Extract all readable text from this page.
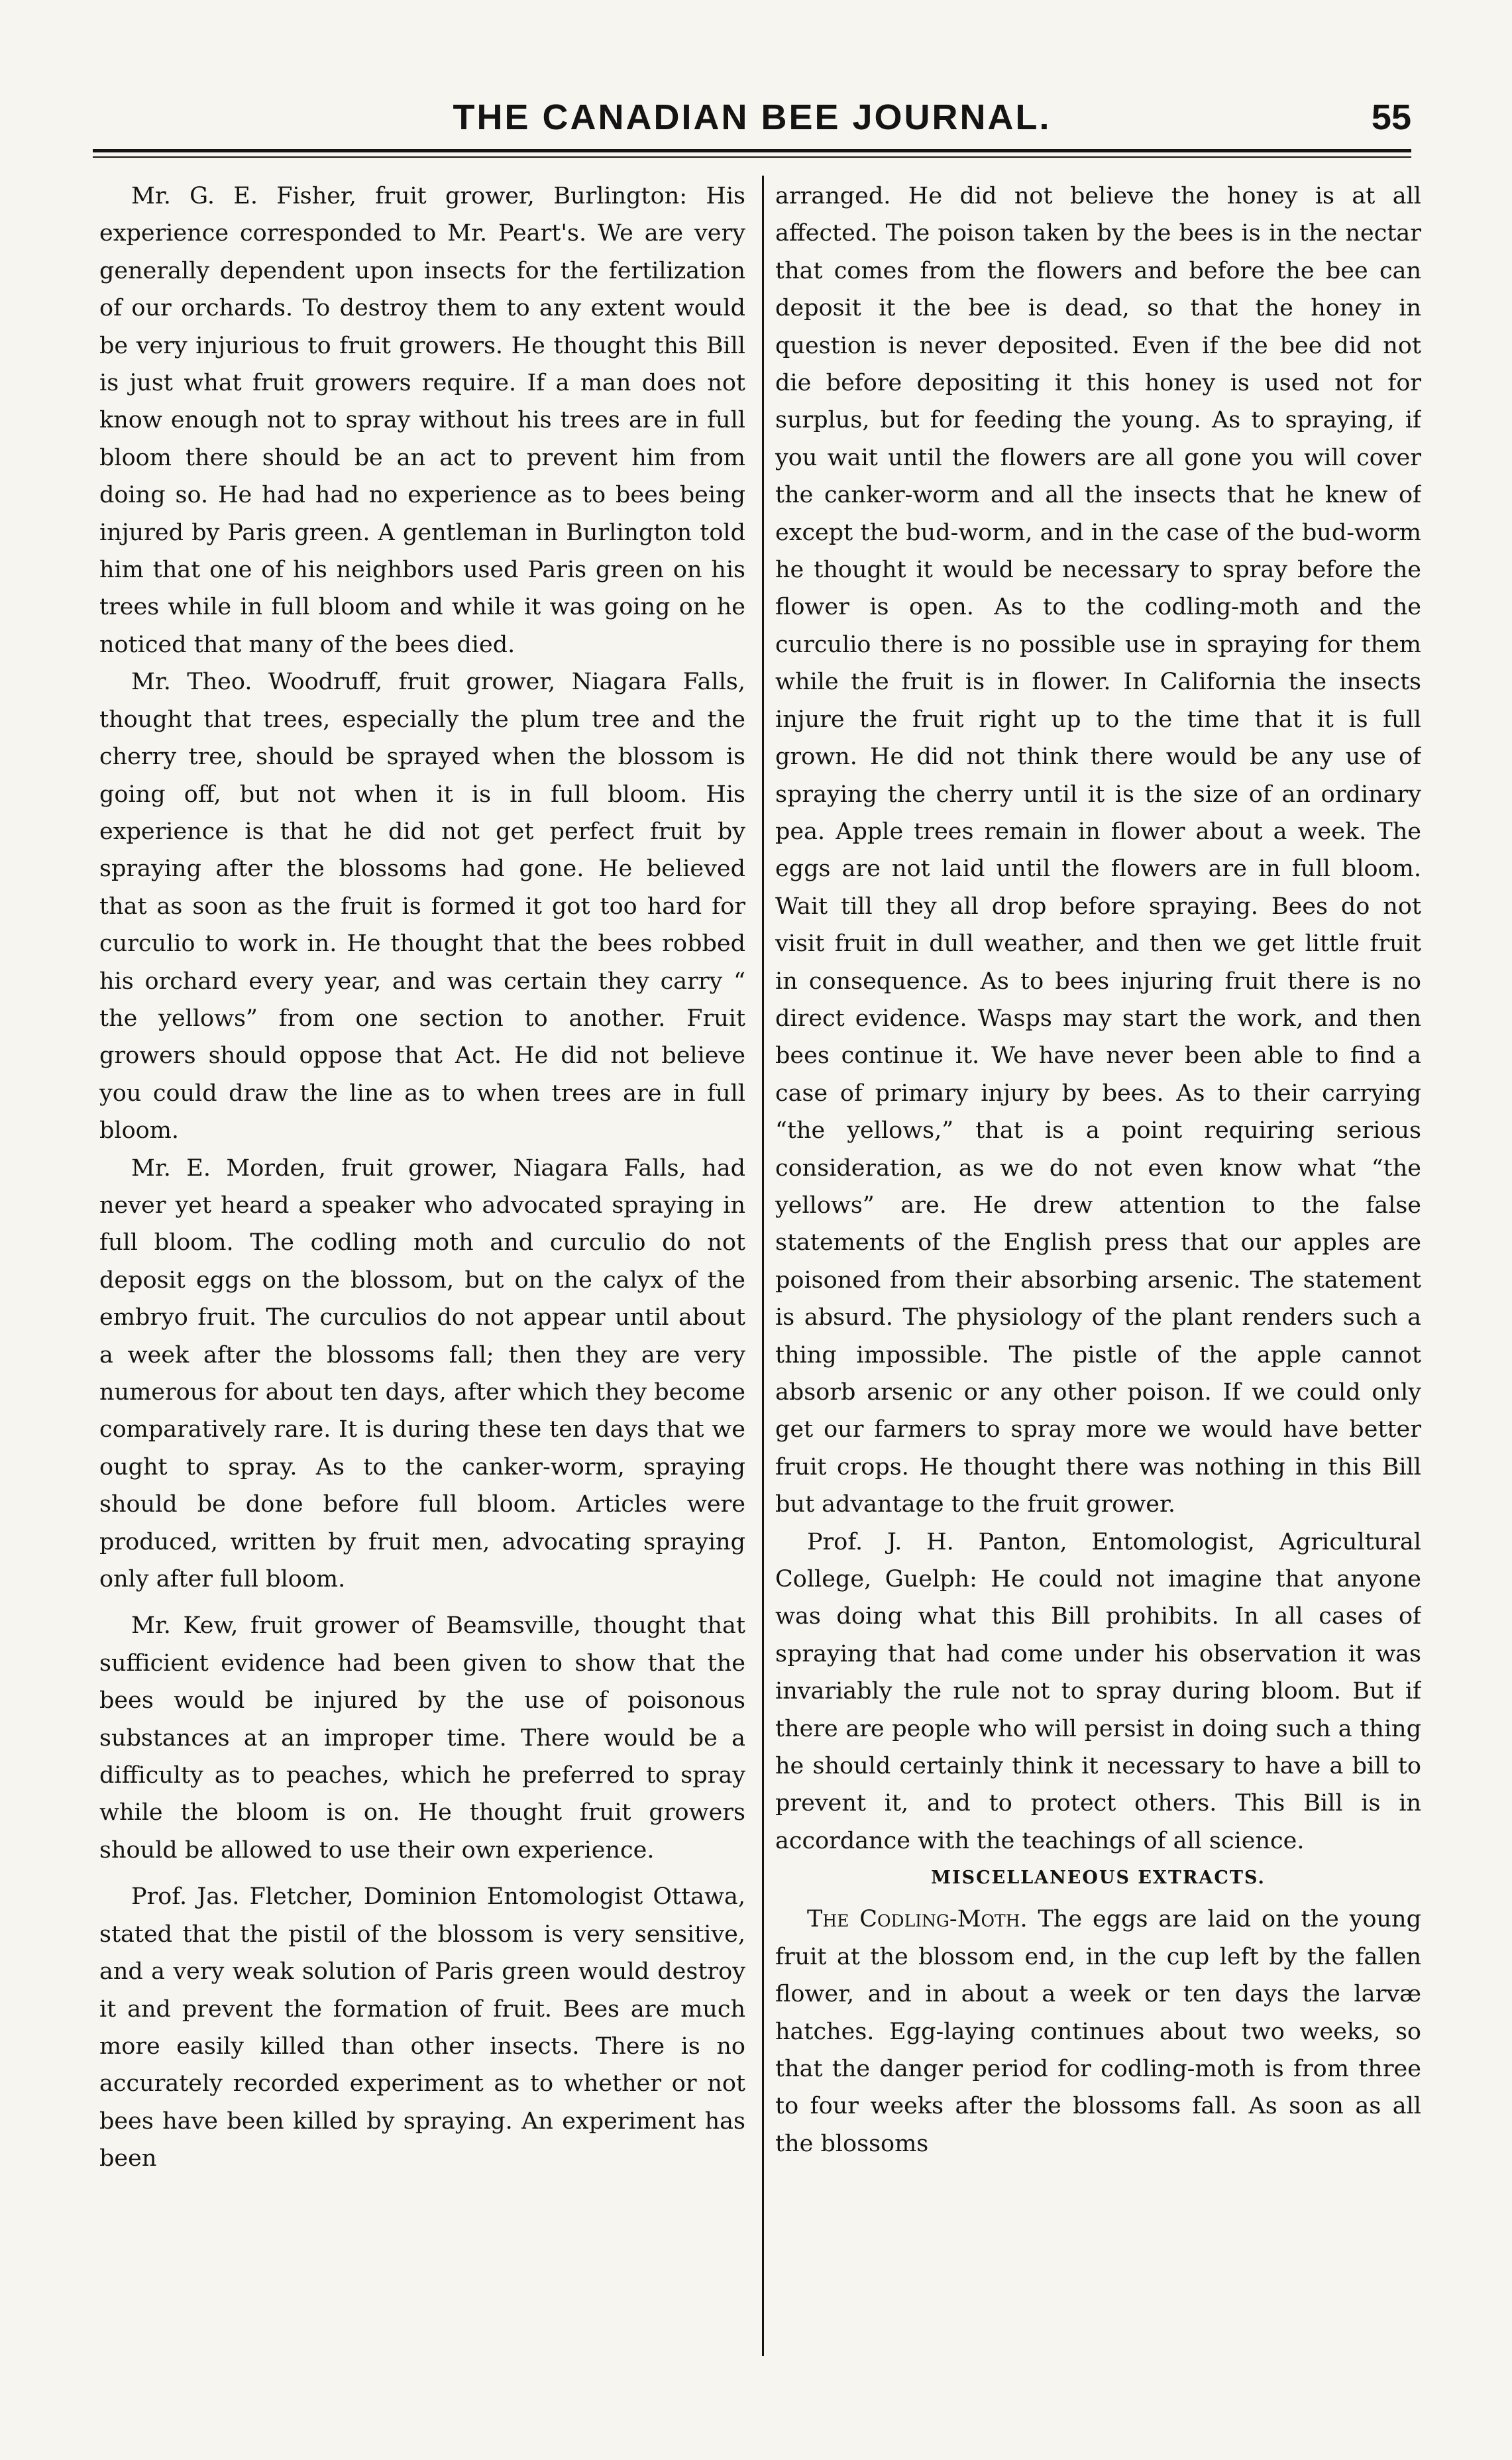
THE CANADIAN BEE JOURNAL.	55

Mr. G. E. Fisher, fruit grower, Burlington: His experience corresponded to Mr. Peart's. We are very generally dependent upon insects for the fertilization of our orchards. To destroy them to any extent would be very injurious to fruit growers. He thought this Bill is just what fruit growers require. If a man does not know enough not to spray without his trees are in full bloom there should be an act to prevent him from doing so. He had had no experience as to bees being injured by Paris green. A gentleman in Burlington told him that one of his neighbors used Paris green on his trees while in full bloom and while it was going on he noticed that many of the bees died.

Mr. Theo. Woodruff, fruit grower, Niagara Falls, thought that trees, especially the plum tree and the cherry tree, should be sprayed when the blossom is going off, but not when it is in full bloom. His experience is that he did not get perfect fruit by spraying after the blossoms had gone. He believed that as soon as the fruit is formed it got too hard for curculio to work in. He thought that the bees robbed his orchard every year, and was certain they carry “ the yellows” from one section to another. Fruit growers should oppose that Act. He did not believe you could draw the line as to when trees are in full bloom.

Mr. E. Morden, fruit grower, Niagara Falls, had never yet heard a speaker who advocated spraying in full bloom. The codling moth and curculio do not deposit eggs on the blossom, but on the calyx of the embryo fruit. The curculios do not appear until about a week after the blossoms fall; then they are very numerous for about ten days, after which they become comparatively rare. It is during these ten days that we ought to spray. As to the canker-worm, spraying should be done before full bloom. Articles were produced, written by fruit men, advocating spraying only after full bloom.

Mr. Kew, fruit grower of Beamsville, thought that sufficient evidence had been given to show that the bees would be injured by the use of poisonous substances at an improper time. There would be a difficulty as to peaches, which he preferred to spray while the bloom is on. He thought fruit growers should be allowed to use their own experience.

Prof. Jas. Fletcher, Dominion Entomologist Ottawa, stated that the pistil of the blossom is very sensitive, and a very weak solution of Paris green would destroy it and prevent the formation of fruit. Bees are much more easily killed than other insects. There is no accurately recorded experiment as to whether or not bees have been killed by spraying. An experiment has been

arranged. He did not believe the honey is at all affected. The poison taken by the bees is in the nectar that comes from the flowers and before the bee can deposit it the bee is dead, so that the honey in question is never deposited. Even if the bee did not die before depositing it this honey is used not for surplus, but for feeding the young. As to spraying, if you wait until the flowers are all gone you will cover the canker-worm and all the insects that he knew of except the bud-worm, and in the case of the bud-worm he thought it would be necessary to spray before the flower is open. As to the codling-moth and the curculio there is no possible use in spraying for them while the fruit is in flower. In California the insects injure the fruit right up to the time that it is full grown. He did not think there would be any use of spraying the cherry until it is the size of an ordinary pea. Apple trees remain in flower about a week. The eggs are not laid until the flowers are in full bloom. Wait till they all drop before spraying. Bees do not visit fruit in dull weather, and then we get little fruit in consequence. As to bees injuring fruit there is no direct evidence. Wasps may start the work, and then bees continue it. We have never been able to find a case of primary injury by bees. As to their carrying “the yellows,” that is a point requiring serious consideration, as we do not even know what “the yellows” are. He drew attention to the false statements of the English press that our apples are poisoned from their absorbing arsenic. The statement is absurd. The physiology of the plant renders such a thing impossible. The pistle of the apple cannot absorb arsenic or any other poison. If we could only get our farmers to spray more we would have better fruit crops. He thought there was nothing in this Bill but advantage to the fruit grower.

Prof. J. H. Panton, Entomologist, Agricultural College, Guelph: He could not imagine that anyone was doing what this Bill prohibits. In all cases of spraying that had come under his observation it was invariably the rule not to spray during bloom. But if there are people who will persist in doing such a thing he should certainly think it necessary to have a bill to prevent it, and to protect others. This Bill is in accordance with the teachings of all science.

MISCELLANEOUS EXTRACTS.

The Codling-Moth. The eggs are laid on the young fruit at the blossom end, in the cup left by the fallen flower, and in about a week or ten days the larvæ hatches. Egg-laying continues about two weeks, so that the danger period for codling-moth is from three to four weeks after the blossoms fall. As soon as all the blossoms
